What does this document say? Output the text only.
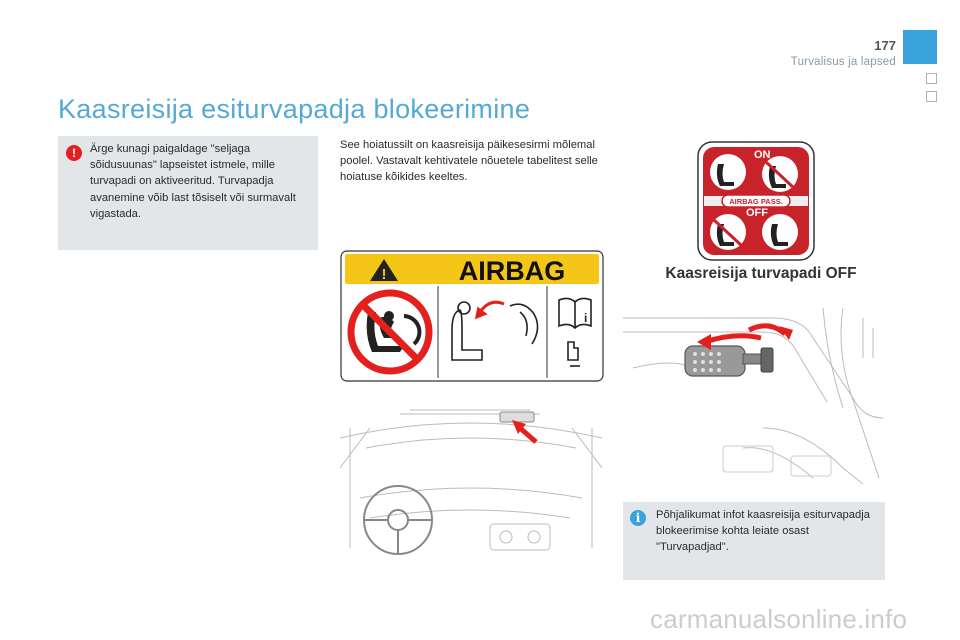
177
Turvalisus ja lapsed
Kaasreisija esiturvapadja blokeerimine
!	Ärge kunagi paigaldage "seljaga sõidusuunas" lapseistet istmele, mille turvapadi on aktiveeritud. Turvapadja avanemine võib last tõsiselt või surmavalt vigastada.
See hoiatussilt on kaasreisija päikesesirmi mõlemal poolel. Vastavalt kehtivatele nõuetele tabelitest selle hoiatuse kõikides keeltes.
!	AIRBAG
i
ON
AIRBAG PASS.
OFF
Kaasreisija turvapadi OFF
i	Põhjalikumat infot kaasreisija esiturvapadja blokeerimise kohta leiate osast "Turvapadjad".
carmanualsonline.info
